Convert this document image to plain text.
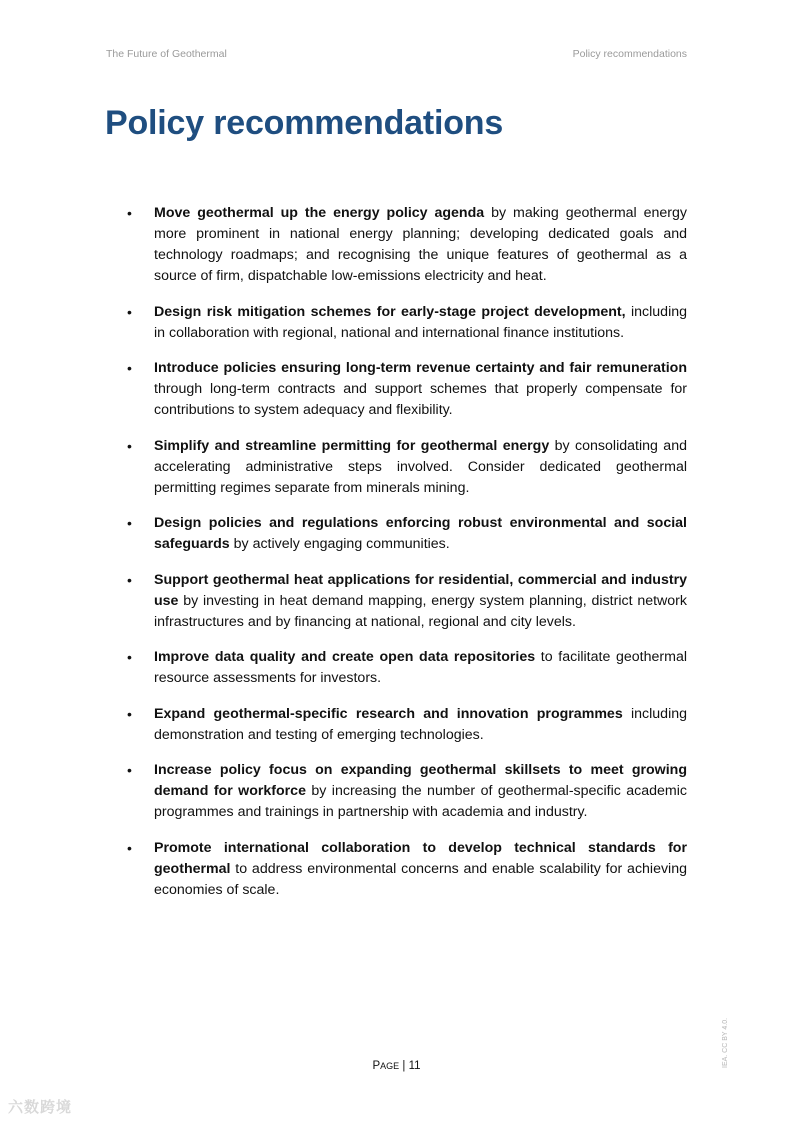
The Future of Geothermal	Policy recommendations
Policy recommendations
• Move geothermal up the energy policy agenda by making geothermal energy more prominent in national energy planning; developing dedicated goals and technology roadmaps; and recognising the unique features of geothermal as a source of firm, dispatchable low-emissions electricity and heat.
• Design risk mitigation schemes for early-stage project development, including in collaboration with regional, national and international finance institutions.
• Introduce policies ensuring long-term revenue certainty and fair remuneration through long-term contracts and support schemes that properly compensate for contributions to system adequacy and flexibility.
• Simplify and streamline permitting for geothermal energy by consolidating and accelerating administrative steps involved. Consider dedicated geothermal permitting regimes separate from minerals mining.
• Design policies and regulations enforcing robust environmental and social safeguards by actively engaging communities.
• Support geothermal heat applications for residential, commercial and industry use by investing in heat demand mapping, energy system planning, district network infrastructures and by financing at national, regional and city levels.
• Improve data quality and create open data repositories to facilitate geothermal resource assessments for investors.
• Expand geothermal-specific research and innovation programmes including demonstration and testing of emerging technologies.
• Increase policy focus on expanding geothermal skillsets to meet growing demand for workforce by increasing the number of geothermal-specific academic programmes and trainings in partnership with academia and industry.
• Promote international collaboration to develop technical standards for geothermal to address environmental concerns and enable scalability for achieving economies of scale.
PAGE | 11	IEA. CC BY 4.0.
六数跨境
